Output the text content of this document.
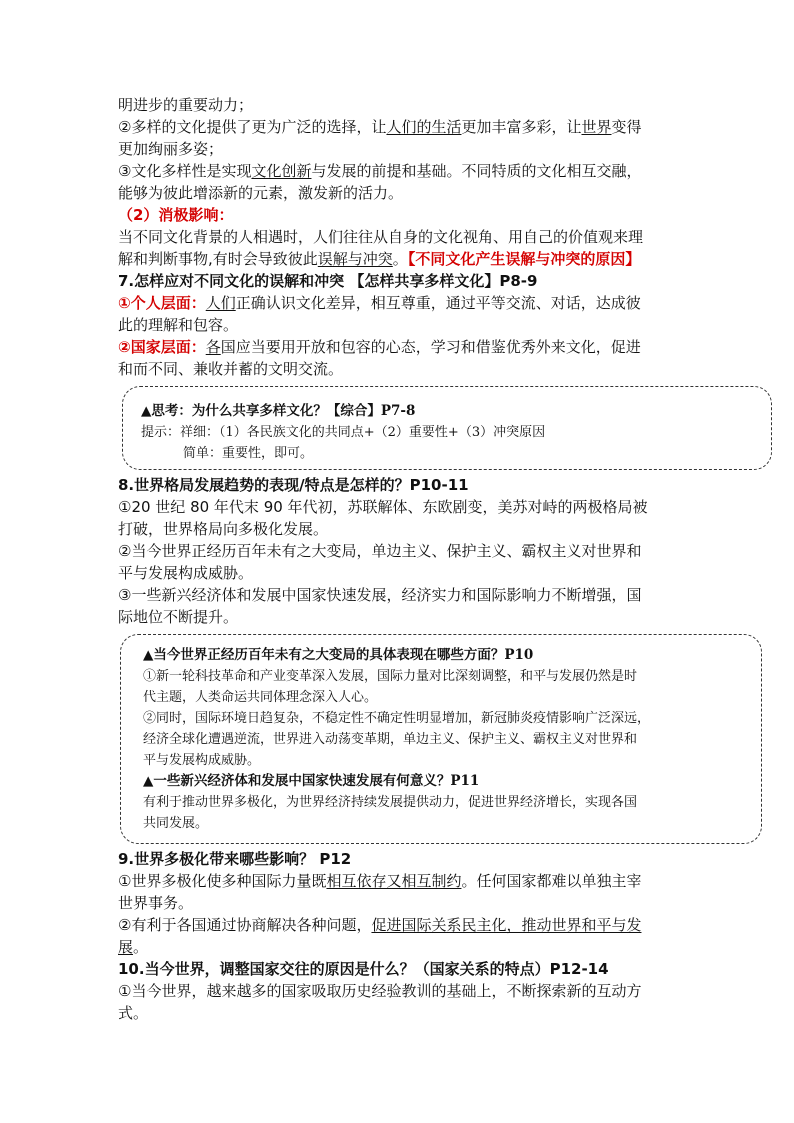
明进步的重要动力；
②多样的文化提供了更为广泛的选择，让人们的生活更加丰富多彩，让世界变得
更加绚丽多姿；
③文化多样性是实现文化创新与发展的前提和基础。不同特质的文化相互交融，
能够为彼此增添新的元素，激发新的活力。
（2）消极影响：
当不同文化背景的人相遇时，人们往往从自身的文化视角、用自己的价值观来理
解和判断事物,有时会导致彼此误解与冲突。【不同文化产生误解与冲突的原因】
7.怎样应对不同文化的误解和冲突 【怎样共享多样文化】P8-9
①个人层面：人们正确认识文化差异，相互尊重，通过平等交流、对话，达成彼
此的理解和包容。
②国家层面：各国应当要用开放和包容的心态，学习和借鉴优秀外来文化，促进
和而不同、兼收并蓄的文明交流。
▲思考：为什么共享多样文化？【综合】P7-8
提示：祥细：（1）各民族文化的共同点+（2）重要性+（3）冲突原因
简单：重要性，即可。
8.世界格局发展趋势的表现/特点是怎样的？P10-11
①20 世纪 80 年代末 90 年代初，苏联解体、东欧剧变，美苏对峙的两极格局被
打破，世界格局向多极化发展。
②当今世界正经历百年未有之大变局，单边主义、保护主义、霸权主义对世界和
平与发展构成威胁。
③一些新兴经济体和发展中国家快速发展，经济实力和国际影响力不断增强，国
际地位不断提升。
▲当今世界正经历百年未有之大变局的具体表现在哪些方面？P10
①新一轮科技革命和产业变革深入发展，国际力量对比深刻调整，和平与发展仍然是时
代主题，人类命运共同体理念深入人心。
②同时，国际环境日趋复杂，不稳定性不确定性明显增加，新冠肺炎疫情影响广泛深远，
经济全球化遭遇逆流，世界进入动荡变革期，单边主义、保护主义、霸权主义对世界和
平与发展构成威胁。
▲一些新兴经济体和发展中国家快速发展有何意义？P11
有利于推动世界多极化，为世界经济持续发展提供动力，促进世界经济增长，实现各国
共同发展。
9.世界多极化带来哪些影响？ P12
①世界多极化使多种国际力量既相互依存又相互制约。任何国家都难以单独主宰
世界事务。
②有利于各国通过协商解决各种问题，促进国际关系民主化，推动世界和平与发
展。
10.当今世界，调整国家交往的原因是什么？（国家关系的特点）P12-14
①当今世界，越来越多的国家吸取历史经验教训的基础上，不断探索新的互动方
式。
